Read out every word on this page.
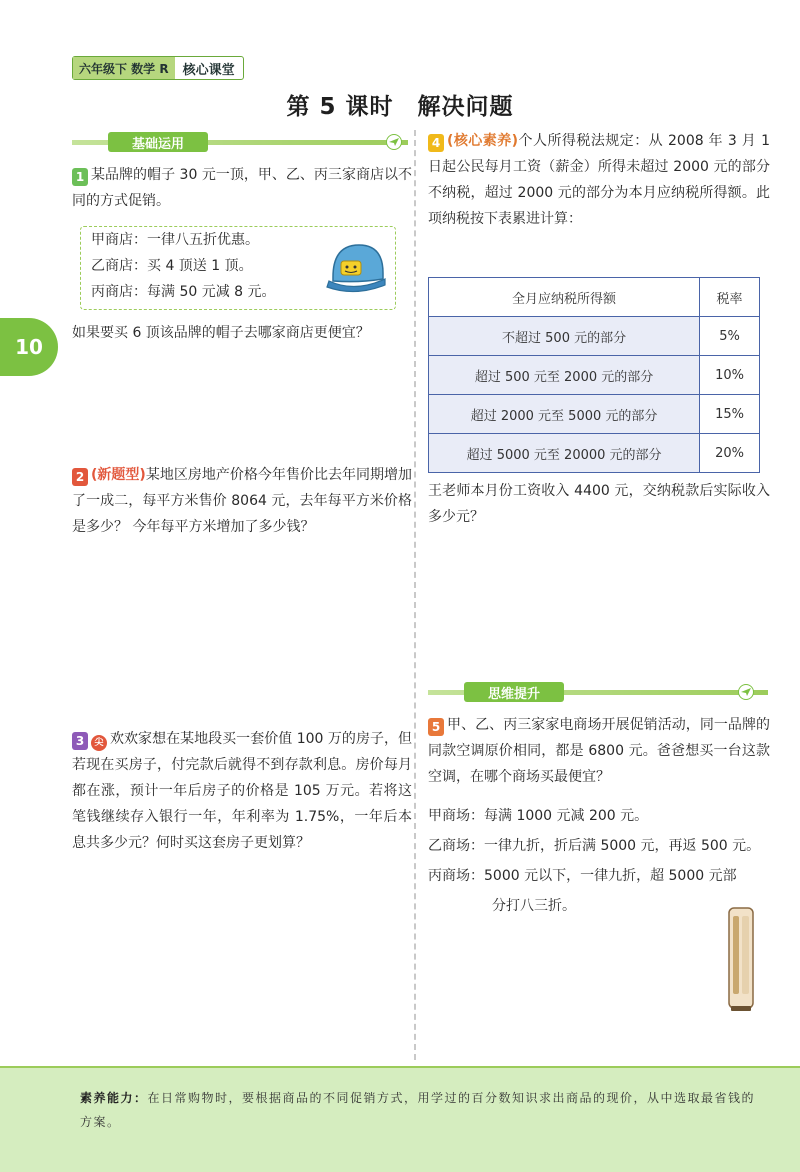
六年级下 数学 R	核心课堂
第 5 课时　解决问题
10
基础运用
1 某品牌的帽子 30 元一顶，甲、乙、丙三家商店以不同的方式促销。
甲商店：一律八五折优惠。
乙商店：买 4 顶送 1 顶。
丙商店：每满 50 元减 8 元。
如果要买 6 顶该品牌的帽子去哪家商店更便宜？
2 (新题型)某地区房地产价格今年售价比去年同期增加了一成二，每平方米售价 8064 元，去年每平方米价格是多少？ 今年每平方米增加了多少钱？
3 尖 欢欢家想在某地段买一套价值 100 万的房子，但若现在买房子，付完款后就得不到存款利息。房价每月都在涨，预计一年后房子的价格是 105 万元。若将这笔钱继续存入银行一年，年利率为 1.75%，一年后本息共多少元？何时买这套房子更划算？
4 (核心素养)个人所得税法规定：从 2008 年 3 月 1 日起公民每月工资（薪金）所得未超过 2000 元的部分不纳税，超过 2000 元的部分为本月应纳税所得额。此项纳税按下表累进计算：
全月应纳税所得额	税率
不超过 500 元的部分	5%
超过 500 元至 2000 元的部分	10%
超过 2000 元至 5000 元的部分	15%
超过 5000 元至 20000 元的部分	20%
王老师本月份工资收入 4400 元，交纳税款后实际收入多少元？
思维提升
5 甲、乙、丙三家家电商场开展促销活动，同一品牌的同款空调原价相同，都是 6800 元。爸爸想买一台这款空调，在哪个商场买最便宜？
甲商场：每满 1000 元减 200 元。
乙商场：一律九折，折后满 5000 元，再返 500 元。
丙商场：5000 元以下，一律九折，超 5000 元部
分打八三折。
素养能力：在日常购物时，要根据商品的不同促销方式，用学过的百分数知识求出商品的现价，从中选取最省钱的方案。
